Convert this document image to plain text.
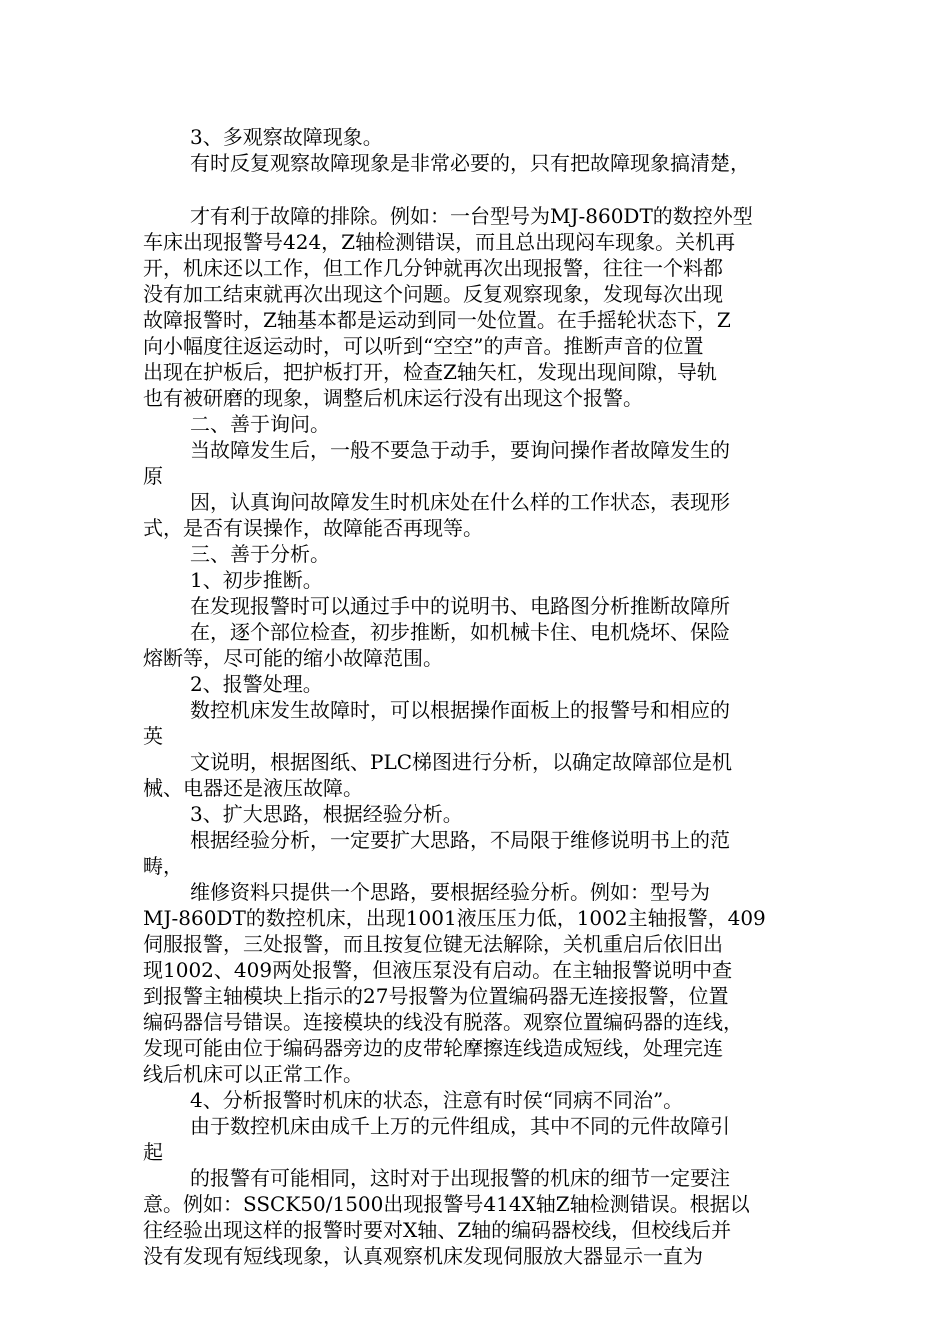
3、多观察故障现象。
有时反复观察故障现象是非常必要的，只有把故障现象搞清楚，
才有利于故障的排除。例如：一台型号为MJ-860DT的数控外型
车床出现报警号424，Z轴检测错误，而且总出现闷车现象。关机再
开，机床还以工作，但工作几分钟就再次出现报警，往往一个料都
没有加工结束就再次出现这个问题。反复观察现象，发现每次出现
故障报警时，Z轴基本都是运动到同一处位置。在手摇轮状态下，Z
向小幅度往返运动时，可以听到“空空”的声音。推断声音的位置
出现在护板后，把护板打开，检查Z轴矢杠，发现出现间隙，导轨
也有被研磨的现象，调整后机床运行没有出现这个报警。
二、善于询问。
当故障发生后，一般不要急于动手，要询问操作者故障发生的
原
因，认真询问故障发生时机床处在什么样的工作状态，表现形
式，是否有误操作，故障能否再现等。
三、善于分析。
1、初步推断。
在发现报警时可以通过手中的说明书、电路图分析推断故障所
在，逐个部位检查，初步推断，如机械卡住、电机烧坏、保险
熔断等，尽可能的缩小故障范围。
2、报警处理。
数控机床发生故障时，可以根据操作面板上的报警号和相应的
英
文说明，根据图纸、PLC梯图进行分析，以确定故障部位是机
械、电器还是液压故障。
3、扩大思路，根据经验分析。
根据经验分析，一定要扩大思路，不局限于维修说明书上的范
畴，
维修资料只提供一个思路，要根据经验分析。例如：型号为
MJ-860DT的数控机床，出现1001液压压力低，1002主轴报警，409
伺服报警，三处报警，而且按复位键无法解除，关机重启后依旧出
现1002、409两处报警，但液压泵没有启动。在主轴报警说明中查
到报警主轴模块上指示的27号报警为位置编码器无连接报警，位置
编码器信号错误。连接模块的线没有脱落。观察位置编码器的连线，
发现可能由位于编码器旁边的皮带轮摩擦连线造成短线，处理完连
线后机床可以正常工作。
4、分析报警时机床的状态，注意有时侯“同病不同治”。
由于数控机床由成千上万的元件组成，其中不同的元件故障引
起
的报警有可能相同，这时对于出现报警的机床的细节一定要注
意。例如：SSCK50/1500出现报警号414X轴Z轴检测错误。根据以
往经验出现这样的报警时要对X轴、Z轴的编码器校线，但校线后并
没有发现有短线现象，认真观察机床发现伺服放大器显示一直为
